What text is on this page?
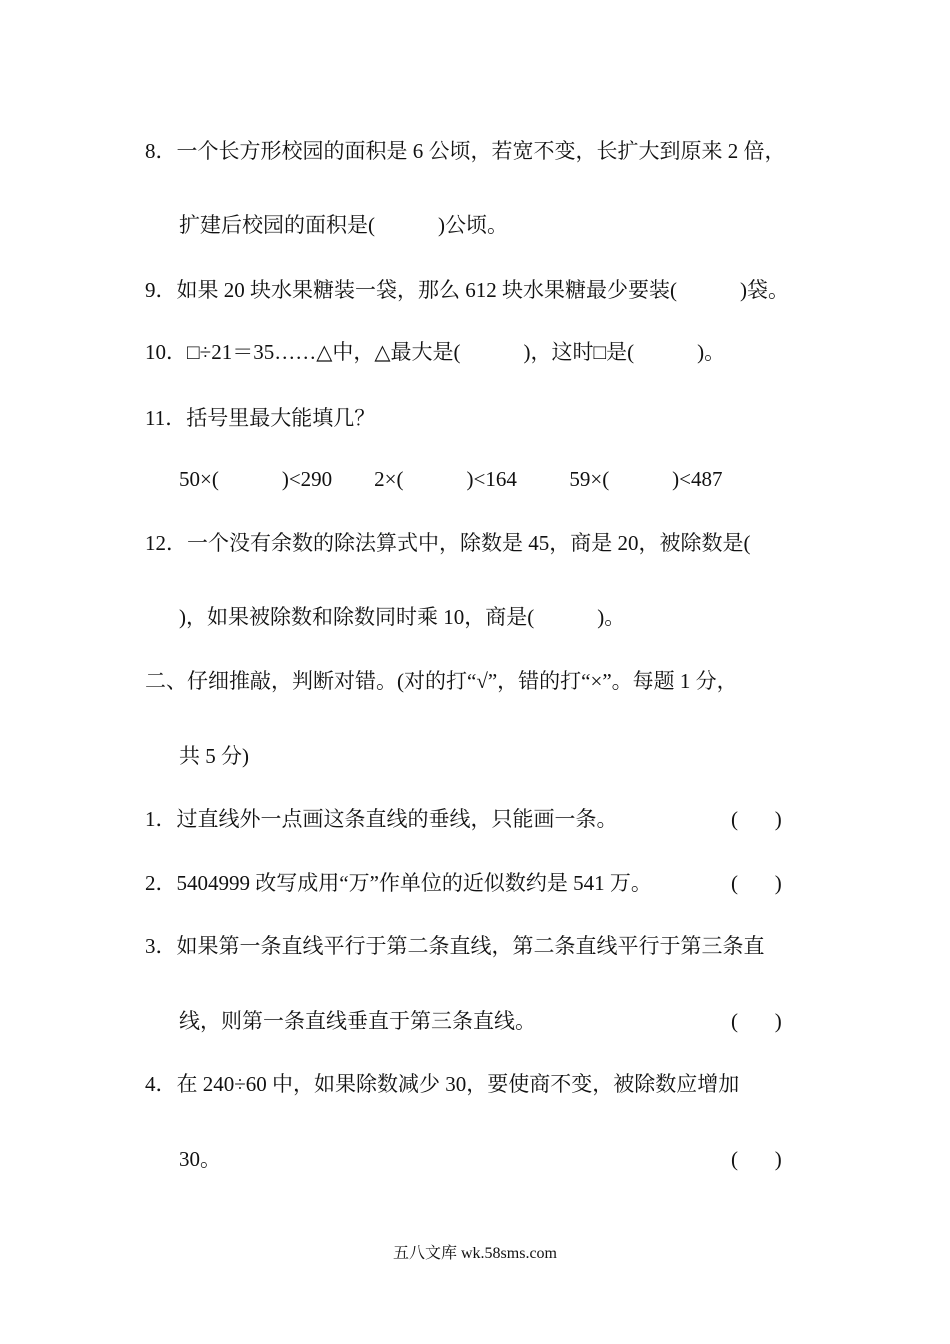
8．一个长方形校园的面积是 6 公顷，若宽不变，长扩大到原来 2 倍，

扩建后校园的面积是(            )公顷。

9．如果 20 块水果糖装一袋，那么 612 块水果糖最少要装(            )袋。

10．□÷21＝35……△中，△最大是(            )，这时□是(            )。

11．括号里最大能填几？

50×(            )<290        2×(            )<164          59×(            )<487

12．一个没有余数的除法算式中，除数是 45，商是 20，被除数是(

)，如果被除数和除数同时乘 10，商是(            )。

二、仔细推敲，判断对错。(对的打“√”，错的打“×”。每题 1 分，

共 5 分)

1．过直线外一点画这条直线的垂线，只能画一条。	(       )

2．5404999 改写成用“万”作单位的近似数约是 541 万。	(       )

3．如果第一条直线平行于第二条直线，第二条直线平行于第三条直

线，则第一条直线垂直于第三条直线。	(       )

4．在 240÷60 中，如果除数减少 30，要使商不变，被除数应增加

30。	(       )

五八文库 wk.58sms.com
